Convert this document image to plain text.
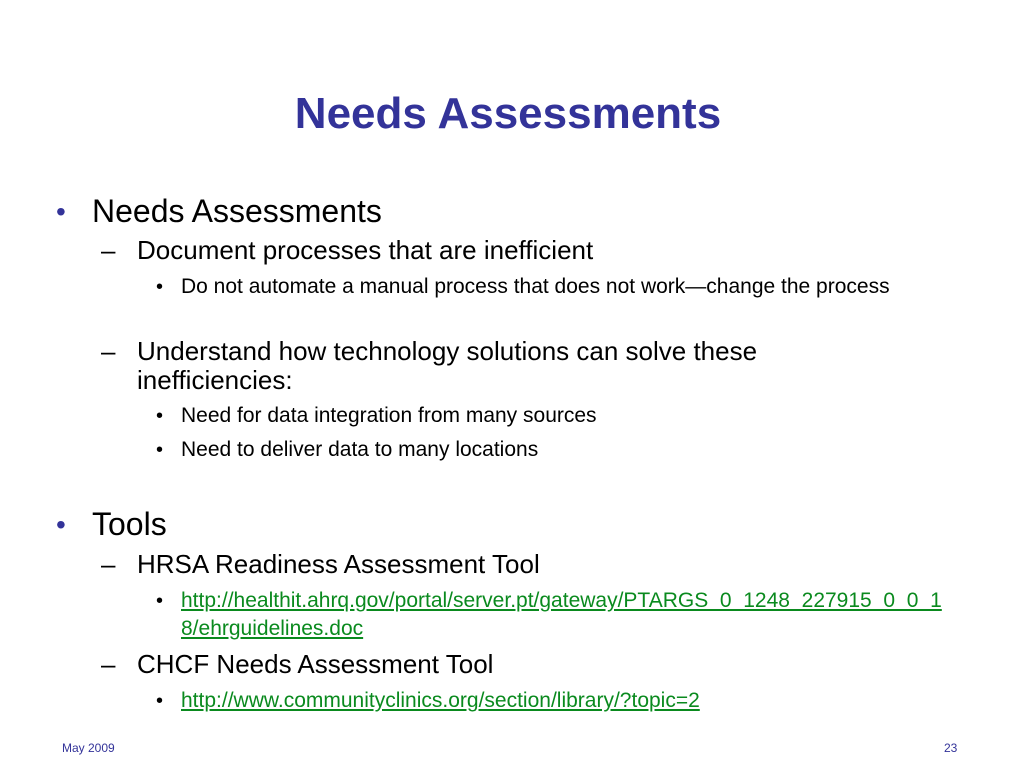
Needs Assessments

• Needs Assessments

– Document processes that are inefficient

• Do not automate a manual process that does not work—change the process

– Understand how technology solutions can solve these inefficiencies:

• Need for data integration from many sources

• Need to deliver data to many locations

• Tools

– HRSA Readiness Assessment Tool

• http://healthit.ahrq.gov/portal/server.pt/gateway/PTARGS_0_1248_227915_0_0_18/ehrguidelines.doc

– CHCF Needs Assessment Tool

• http://www.communityclinics.org/section/library/?topic=2
May 2009	23
